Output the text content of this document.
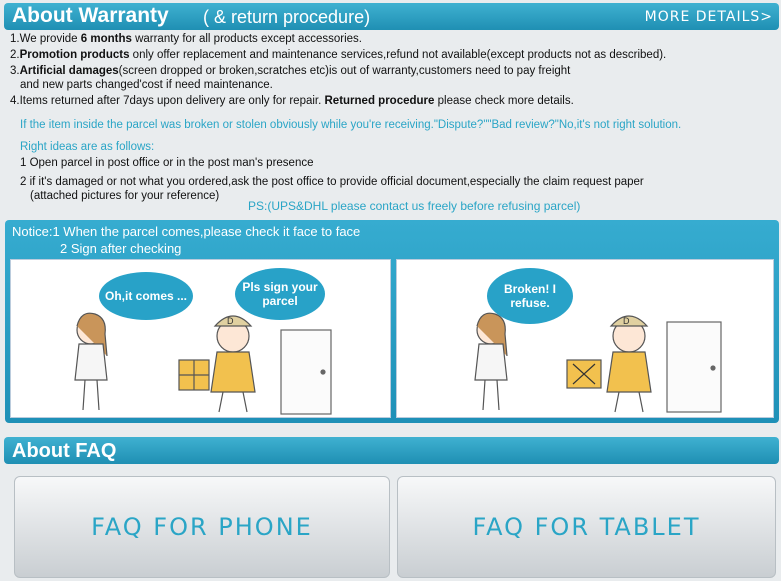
About Warranty ( & return procedure)	MORE DETAILS>
1.We provide 6 months warranty for all products except accessories.
2.Promotion products only offer replacement and maintenance services,refund not available(except products not as described).
3.Artificial damages(screen dropped or broken,scratches etc)is out of warranty,customers need to pay freight
and new parts changed'cost if need maintenance.
4.Items returned after 7days upon delivery are only for repair. Returned procedure please check more details.
If the item inside the parcel was broken or stolen obviously while you're receiving."Dispute?""Bad review?"No,it's not right solution.
Right ideas are as follows:
1 Open parcel in post office or in the post man's presence
2 if it's damaged or not what you ordered,ask the post office to provide official document,especially the claim request paper
(attached pictures for your reference)
PS:(UPS&DHL please contact us freely before refusing parcel)
Notice:1 When the parcel comes,please check it face to face
2 Sign after checking
D
Oh,it comes ...
Pls sign your parcel
D
Broken! I refuse.
About FAQ
FAQ FOR PHONE	FAQ FOR TABLET
